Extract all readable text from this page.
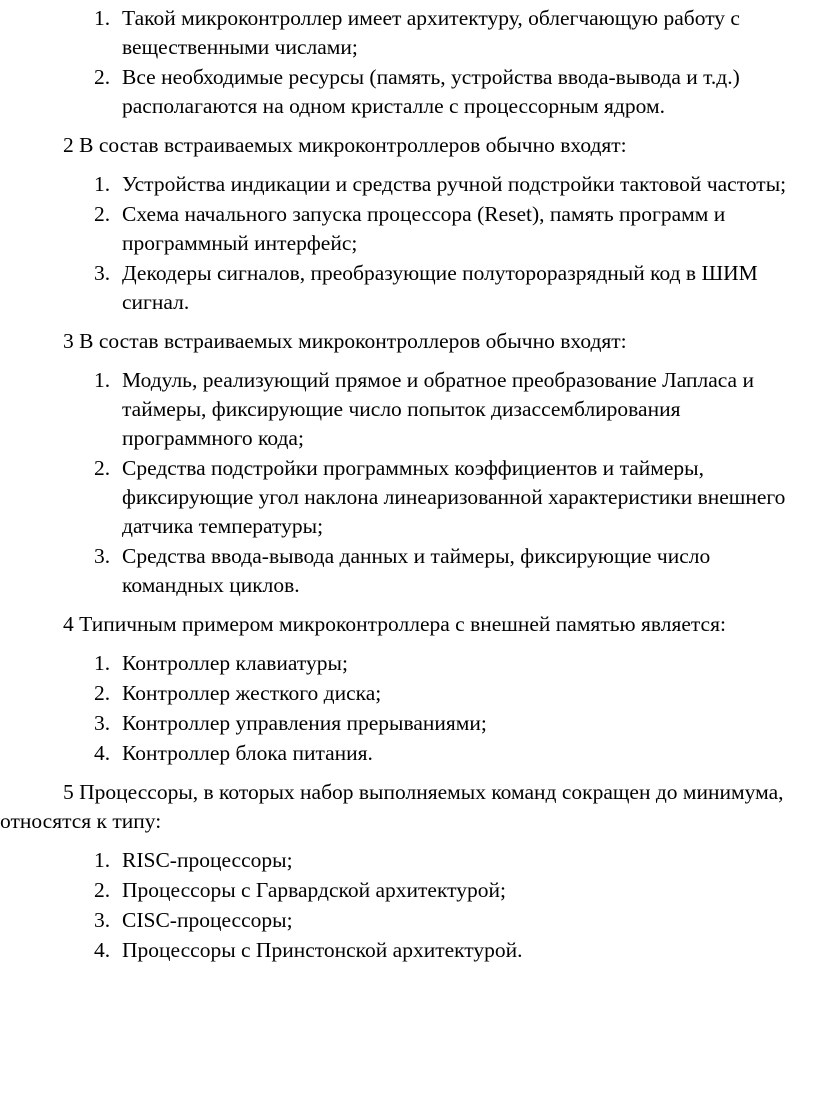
1. Такой микроконтроллер имеет архитектуру, облегчающую работу с вещественными числами;
2. Все необходимые ресурсы (память, устройства ввода-вывода и т.д.) располагаются на одном кристалле с процессорным ядром.

2 В состав встраиваемых микроконтроллеров обычно входят:

1. Устройства индикации и средства ручной подстройки тактовой частоты;
2. Схема начального запуска процессора (Reset), память программ и программный интерфейс;
3. Декодеры сигналов, преобразующие полутороразрядный код в ШИМ сигнал.

3 В состав встраиваемых микроконтроллеров обычно входят:

1. Модуль, реализующий прямое и обратное преобразование Лапласа и таймеры, фиксирующие число попыток дизассемблирования программного кода;
2. Средства подстройки программных коэффициентов и таймеры, фиксирующие угол наклона линеаризованной характеристики внешнего датчика температуры;
3. Средства ввода-вывода данных и таймеры, фиксирующие число командных циклов.

4 Типичным примером микроконтроллера с внешней памятью является:

1. Контроллер клавиатуры;
2. Контроллер жесткого диска;
3. Контроллер управления прерываниями;
4. Контроллер блока питания.

5 Процессоры, в которых набор выполняемых команд сокращен до минимума, относятся к типу:

1. RISC-процессоры;
2. Процессоры с Гарвардской архитектурой;
3. CISC-процессоры;
4. Процессоры с Принстонской архитектурой.
